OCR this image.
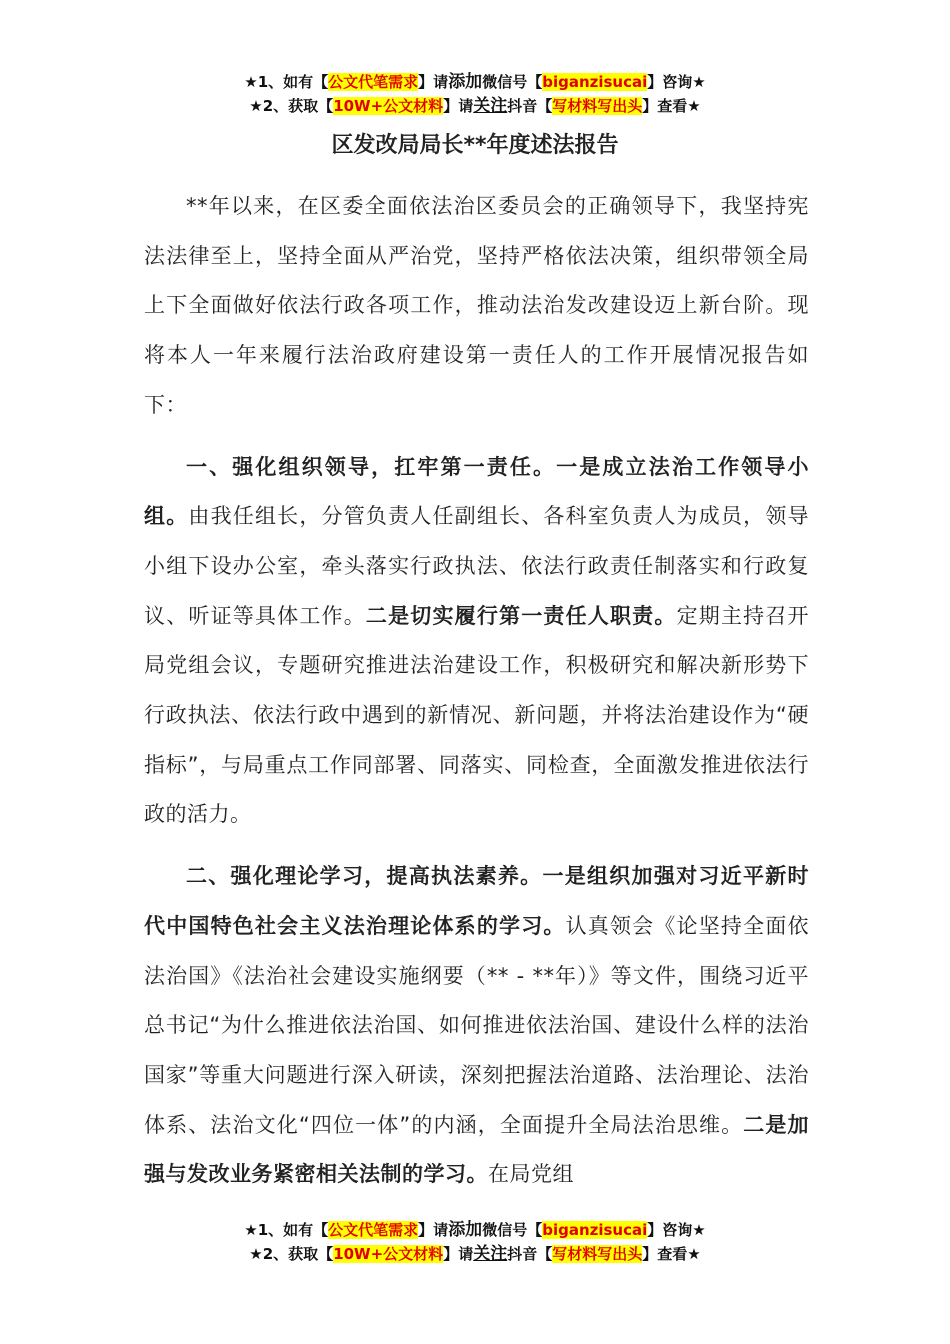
★1、如有【公文代笔需求】请添加微信号【biganzisucai】咨询★
★2、获取【10W+公文材料】请关注抖音【写材料写出头】查看★
区发改局局长**年度述法报告

**年以来，在区委全面依法治区委员会的正确领导下，我坚持宪法法律至上，坚持全面从严治党，坚持严格依法决策，组织带领全局上下全面做好依法行政各项工作，推动法治发改建设迈上新台阶。现将本人一年来履行法治政府建设第一责任人的工作开展情况报告如下：

一、强化组织领导，扛牢第一责任。一是成立法治工作领导小组。由我任组长，分管负责人任副组长、各科室负责人为成员，领导小组下设办公室，牵头落实行政执法、依法行政责任制落实和行政复议、听证等具体工作。二是切实履行第一责任人职责。定期主持召开局党组会议，专题研究推进法治建设工作，积极研究和解决新形势下行政执法、依法行政中遇到的新情况、新问题，并将法治建设作为“硬指标”，与局重点工作同部署、同落实、同检查，全面激发推进依法行政的活力。

二、强化理论学习，提高执法素养。一是组织加强对习近平新时代中国特色社会主义法治理论体系的学习。认真领会《论坚持全面依法治国》《法治社会建设实施纲要（** - **年）》等文件，围绕习近平总书记“为什么推进依法治国、如何推进依法治国、建设什么样的法治国家”等重大问题进行深入研读，深刻把握法治道路、法治理论、法治体系、法治文化“四位一体”的内涵，全面提升全局法治思维。二是加强与发改业务紧密相关法制的学习。在局党组

★1、如有【公文代笔需求】请添加微信号【biganzisucai】咨询★
★2、获取【10W+公文材料】请关注抖音【写材料写出头】查看★
